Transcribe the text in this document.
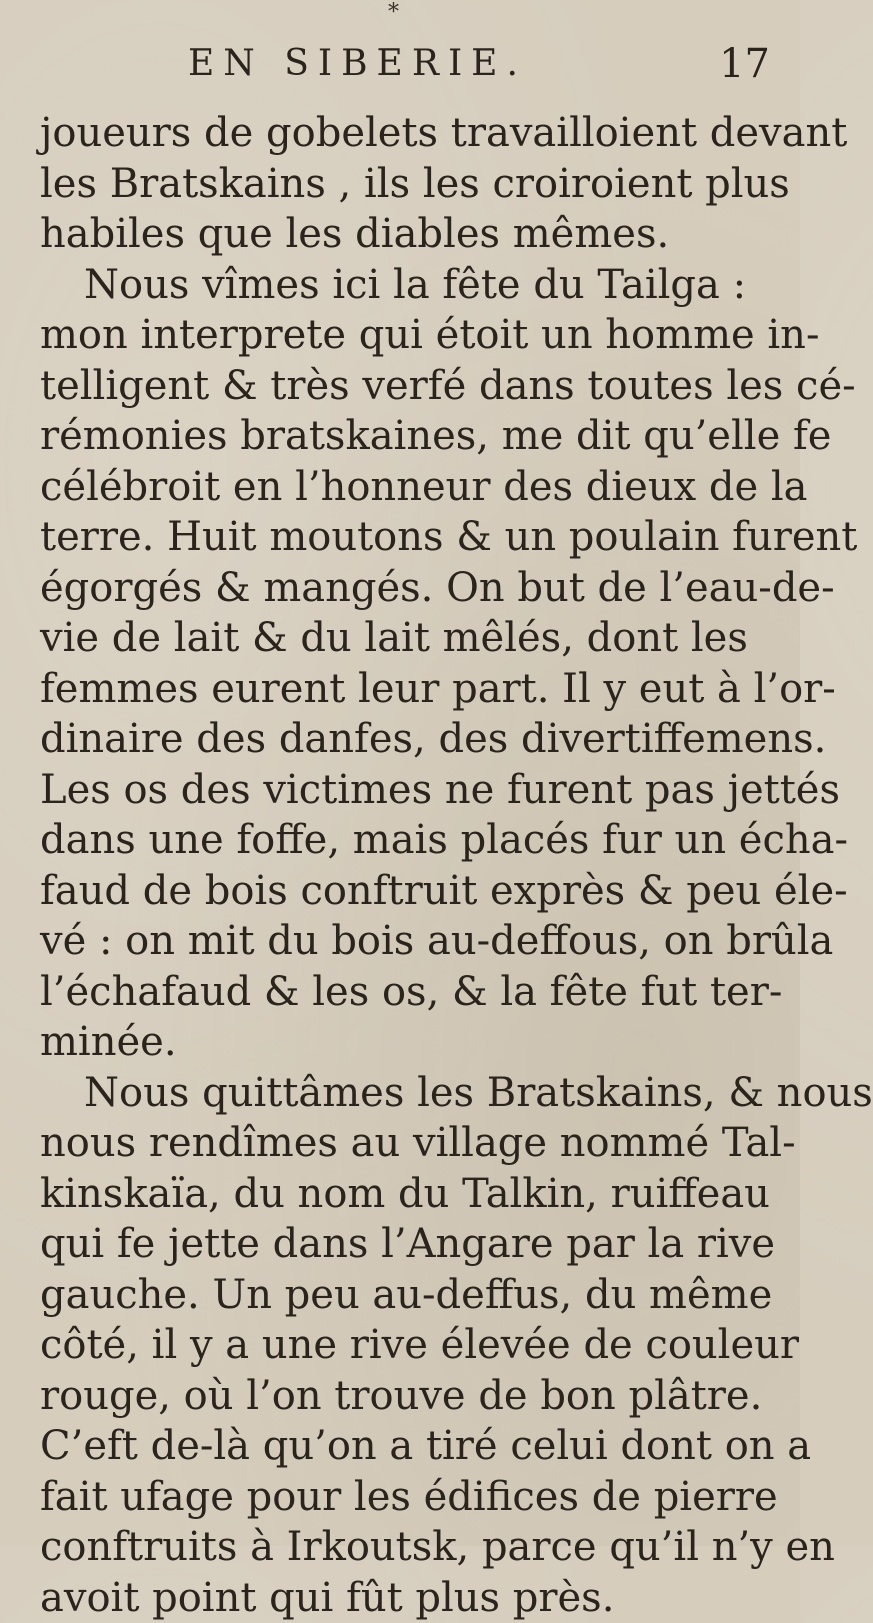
*
EN SIBERIE.	17
joueurs de gobelets travailloient devant
les Bratskains , ils les croiroient plus
habiles que les diables mêmes.
Nous vîmes ici la fête du Tailga :
mon interprete qui étoit un homme in-
telligent & très verfé dans toutes les cé-
rémonies bratskaines, me dit qu’elle fe
célébroit en l’honneur des dieux de la
terre. Huit moutons & un poulain furent
égorgés & mangés. On but de l’eau-de-
vie de lait & du lait mêlés, dont les
femmes eurent leur part. Il y eut à l’or-
dinaire des danfes, des divertiffemens.
Les os des victimes ne furent pas jettés
dans une foffe, mais placés fur un écha-
faud de bois conftruit exprès & peu éle-
vé : on mit du bois au-deffous, on brûla
l’échafaud & les os, & la fête fut ter-
minée.
Nous quittâmes les Bratskains, & nous
nous rendîmes au village nommé Tal-
kinskaïa, du nom du Talkin, ruiffeau
qui fe jette dans l’Angare par la rive
gauche. Un peu au-deffus, du même
côté, il y a une rive élevée de couleur
rouge, où l’on trouve de bon plâtre.
C’eft de-là qu’on a tiré celui dont on a
fait ufage pour les édifices de pierre
conftruits à Irkoutsk, parce qu’il n’y en
avoit point qui fût plus près.
